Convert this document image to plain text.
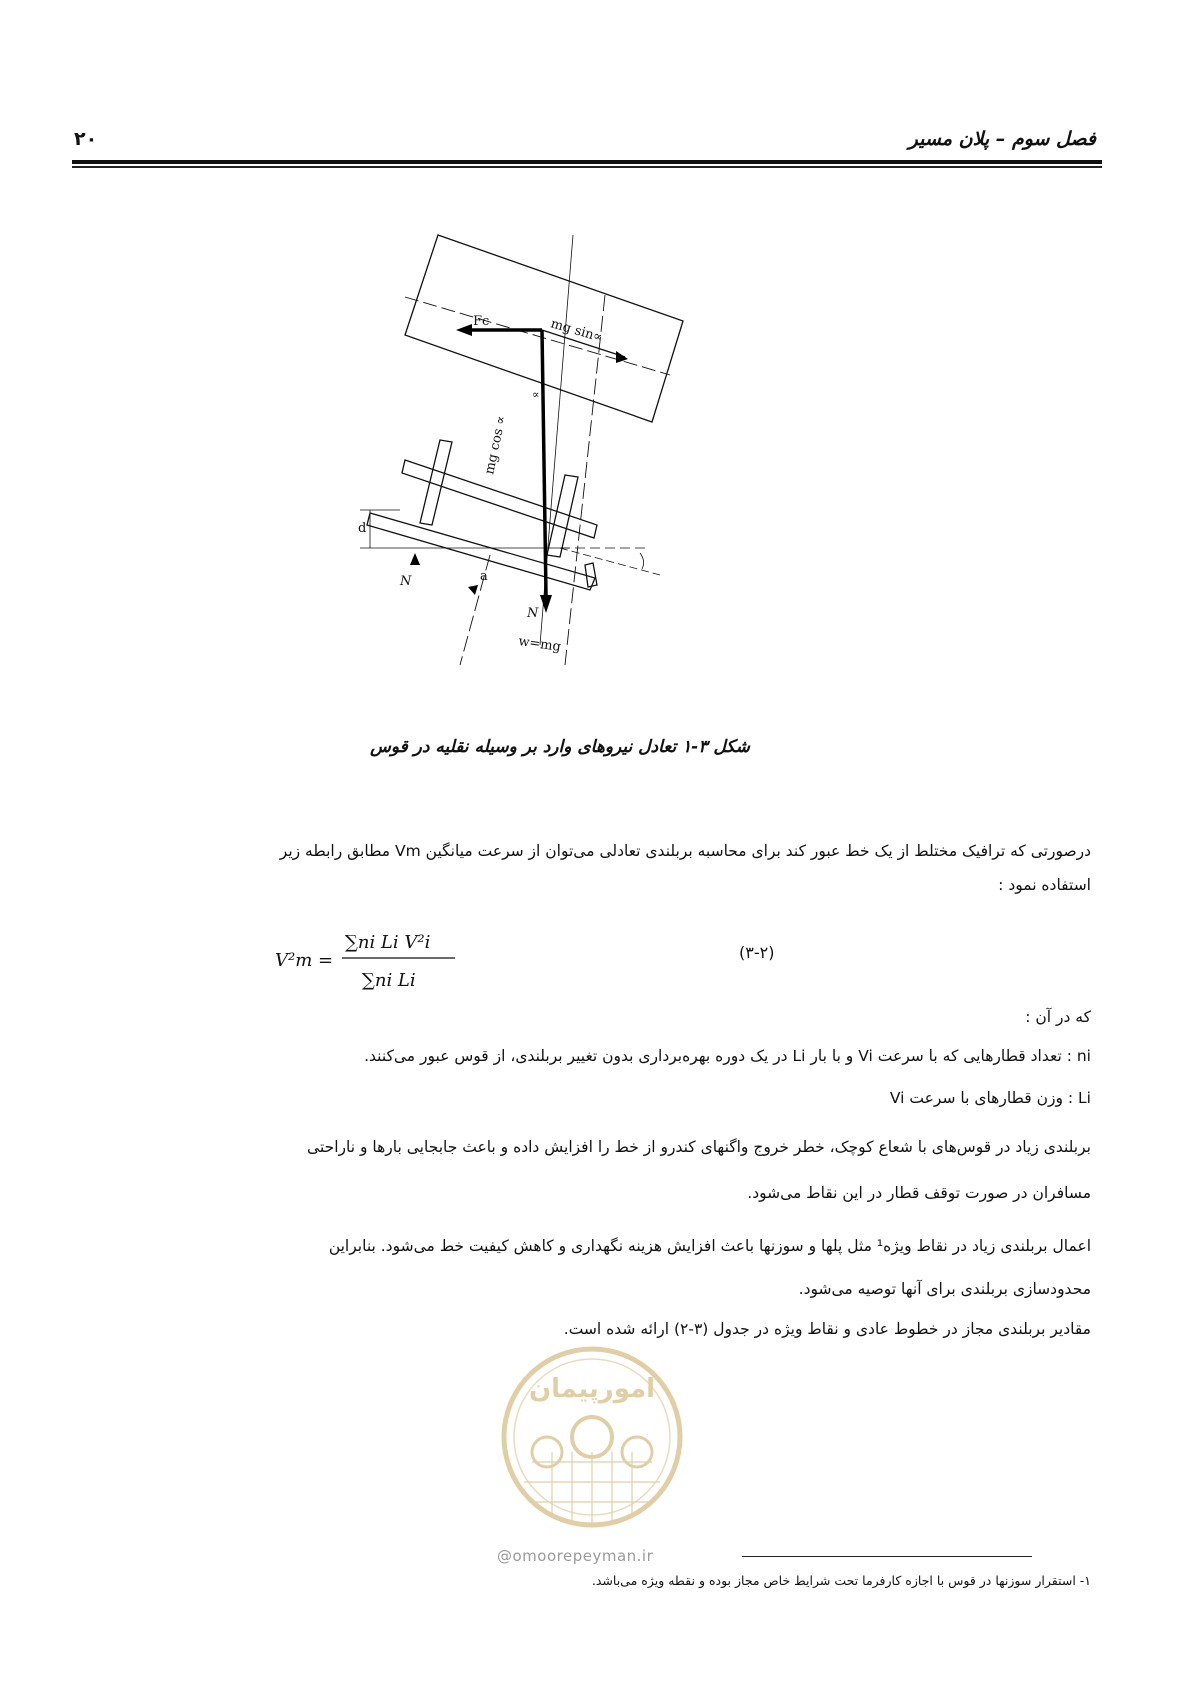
فصل سوم – پلان مسیر
۲۰
Fc	mg sin∝
mg cos ∝
∝
d
N	a
N
w=mg
شکل ۳-۱ تعادل نیروهای وارد بر وسیله نقلیه در قوس
درصورتی که ترافیک مختلط از یک خط عبور کند برای محاسبه بربلندی تعادلی می‌توان از سرعت میانگین Vm مطابق رابطه زیر
استفاده نمود :
V²m =
∑ni Li V²i
∑ni Li
(۳-۲)
که در آن :
ni : تعداد قطارهایی که با سرعت Vi و با بار Li در یک دوره بهره‌برداری بدون تغییر بربلندی، از قوس عبور می‌کنند.
Li : وزن قطارهای با سرعت Vi
بربلندی زیاد در قوس‌های با شعاع کوچک، خطر خروج واگنهای کندرو از خط را افزایش داده و باعث جابجایی بارها و ناراحتی
مسافران در صورت توقف قطار در این نقاط می‌شود.
اعمال بربلندی زیاد در نقاط ویژه¹ مثل پلها و سوزنها باعث افزایش هزینه نگهداری و کاهش کیفیت خط می‌شود. بنابراین
محدودسازی بربلندی برای آنها توصیه می‌شود.
مقادیر بربلندی مجاز در خطوط عادی و نقاط ویژه در جدول (۳-۲) ارائه شده است.
امورپیمان
@omoorepeyman.ir
۱- استقرار سوزنها در قوس با اجازه کارفرما تحت شرایط خاص مجاز بوده و نقطه ویژه می‌باشد.
